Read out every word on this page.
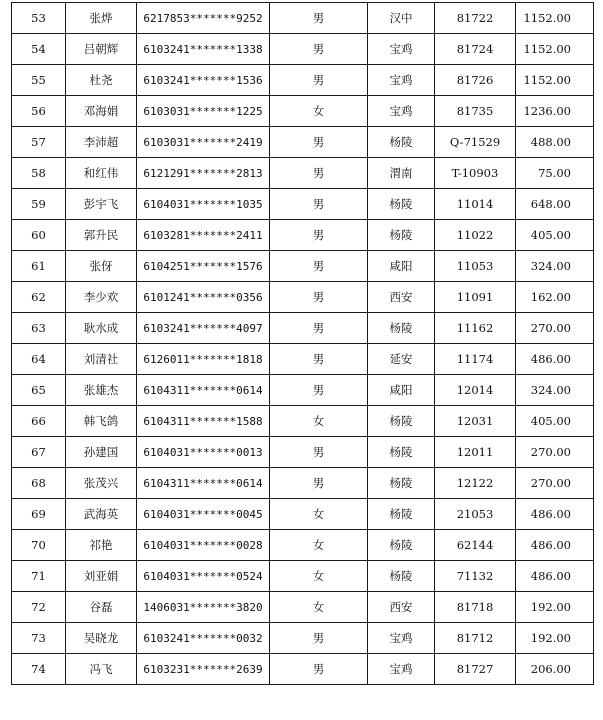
53	张烨	6217853*******9252	男	汉中	81722	1152.00
54	吕朝辉	6103241*******1338	男	宝鸡	81724	1152.00
55	杜尧	6103241*******1536	男	宝鸡	81726	1152.00
56	邓海娟	6103031*******1225	女	宝鸡	81735	1236.00
57	李沛超	6103031*******2419	男	杨陵	Q-71529	488.00
58	和红伟	6121291*******2813	男	渭南	T-10903	75.00
59	彭宇飞	6104031*******1035	男	杨陵	11014	648.00
60	郭升民	6103281*******2411	男	杨陵	11022	405.00
61	张伢	6104251*******1576	男	咸阳	11053	324.00
62	李少欢	6101241*******0356	男	西安	11091	162.00
63	耿水成	6103241*******4097	男	杨陵	11162	270.00
64	刘清社	6126011*******1818	男	延安	11174	486.00
65	张雄杰	6104311*******0614	男	咸阳	12014	324.00
66	韩飞鸽	6104311*******1588	女	杨陵	12031	405.00
67	孙建国	6104031*******0013	男	杨陵	12011	270.00
68	张茂兴	6104311*******0614	男	杨陵	12122	270.00
69	武海英	6104031*******0045	女	杨陵	21053	486.00
70	祁艳	6104031*******0028	女	杨陵	62144	486.00
71	刘亚娟	6104031*******0524	女	杨陵	71132	486.00
72	谷磊	1406031*******3820	女	西安	81718	192.00
73	吴晓龙	6103241*******0032	男	宝鸡	81712	192.00
74	冯飞	6103231*******2639	男	宝鸡	81727	206.00
